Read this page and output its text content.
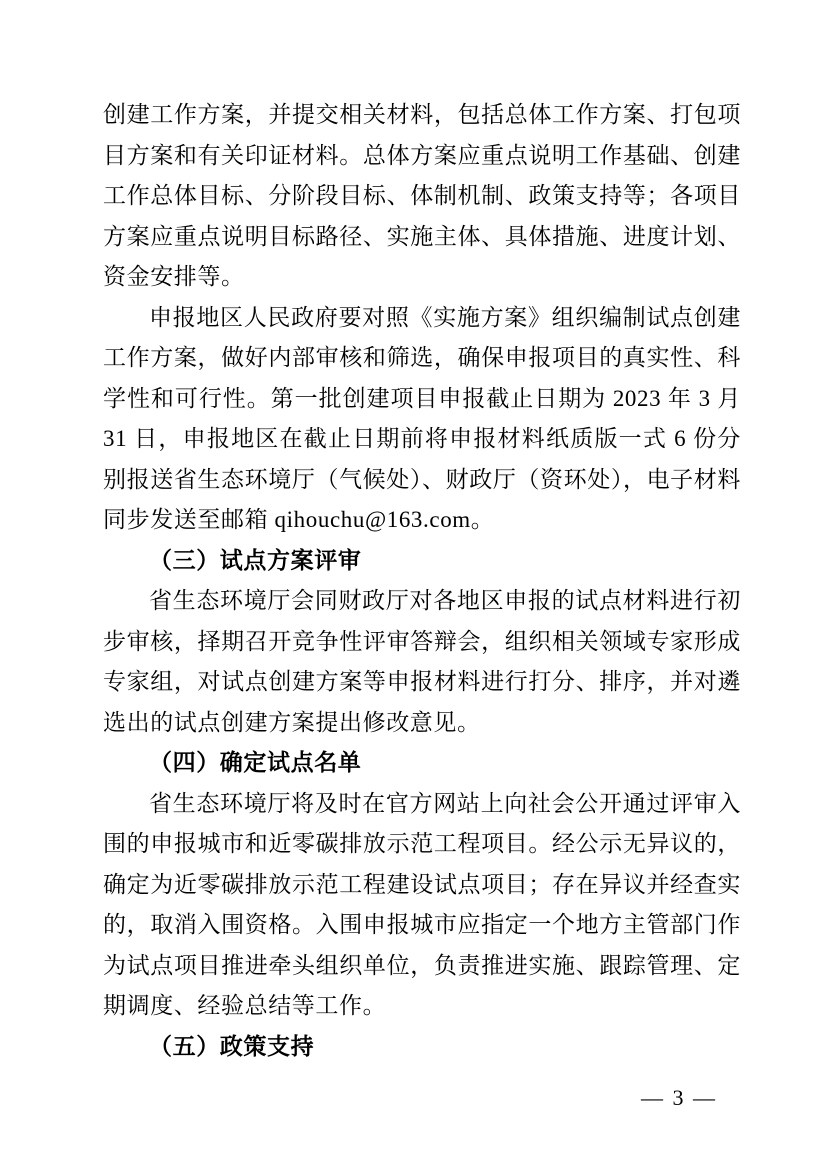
创建工作方案，并提交相关材料，包括总体工作方案、打包项目方案和有关印证材料。总体方案应重点说明工作基础、创建工作总体目标、分阶段目标、体制机制、政策支持等；各项目方案应重点说明目标路径、实施主体、具体措施、进度计划、资金安排等。

申报地区人民政府要对照《实施方案》组织编制试点创建工作方案，做好内部审核和筛选，确保申报项目的真实性、科学性和可行性。第一批创建项目申报截止日期为 2023 年 3 月 31 日，申报地区在截止日期前将申报材料纸质版一式 6 份分别报送省生态环境厅（气候处）、财政厅（资环处），电子材料同步发送至邮箱 qihouchu@163.com。

（三）试点方案评审

省生态环境厅会同财政厅对各地区申报的试点材料进行初步审核，择期召开竞争性评审答辩会，组织相关领域专家形成专家组，对试点创建方案等申报材料进行打分、排序，并对遴选出的试点创建方案提出修改意见。

（四）确定试点名单

省生态环境厅将及时在官方网站上向社会公开通过评审入围的申报城市和近零碳排放示范工程项目。经公示无异议的，确定为近零碳排放示范工程建设试点项目；存在异议并经查实的，取消入围资格。入围申报城市应指定一个地方主管部门作为试点项目推进牵头组织单位，负责推进实施、跟踪管理、定期调度、经验总结等工作。

（五）政策支持

— 3 —
